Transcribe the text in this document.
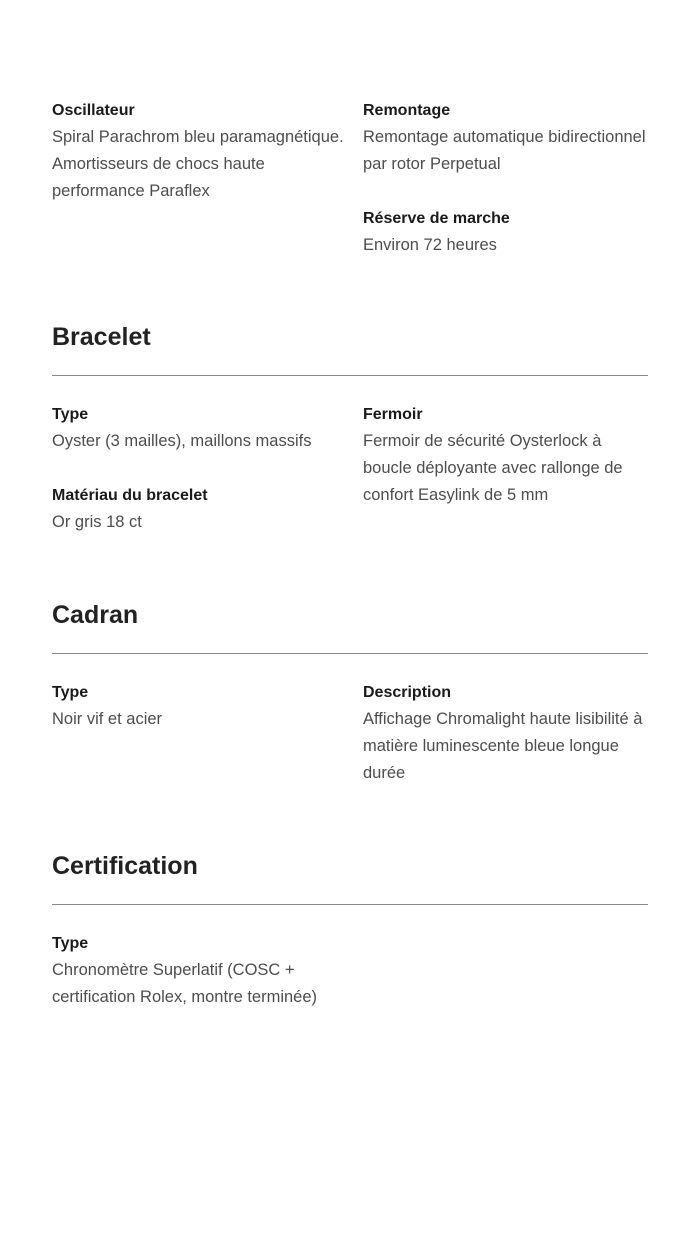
Oscillateur
Spiral Parachrom bleu paramagnétique. Amortisseurs de chocs haute performance Paraflex
Remontage
Remontage automatique bidirectionnel par rotor Perpetual
Réserve de marche
Environ 72 heures
Bracelet
Type
Oyster (3 mailles), maillons massifs
Matériau du bracelet
Or gris 18 ct
Fermoir
Fermoir de sécurité Oysterlock à boucle déployante avec rallonge de confort Easylink de 5 mm
Cadran
Type
Noir vif et acier
Description
Affichage Chromalight haute lisibilité à matière luminescente bleue longue durée
Certification
Type
Chronomètre Superlatif (COSC + certification Rolex, montre terminée)
